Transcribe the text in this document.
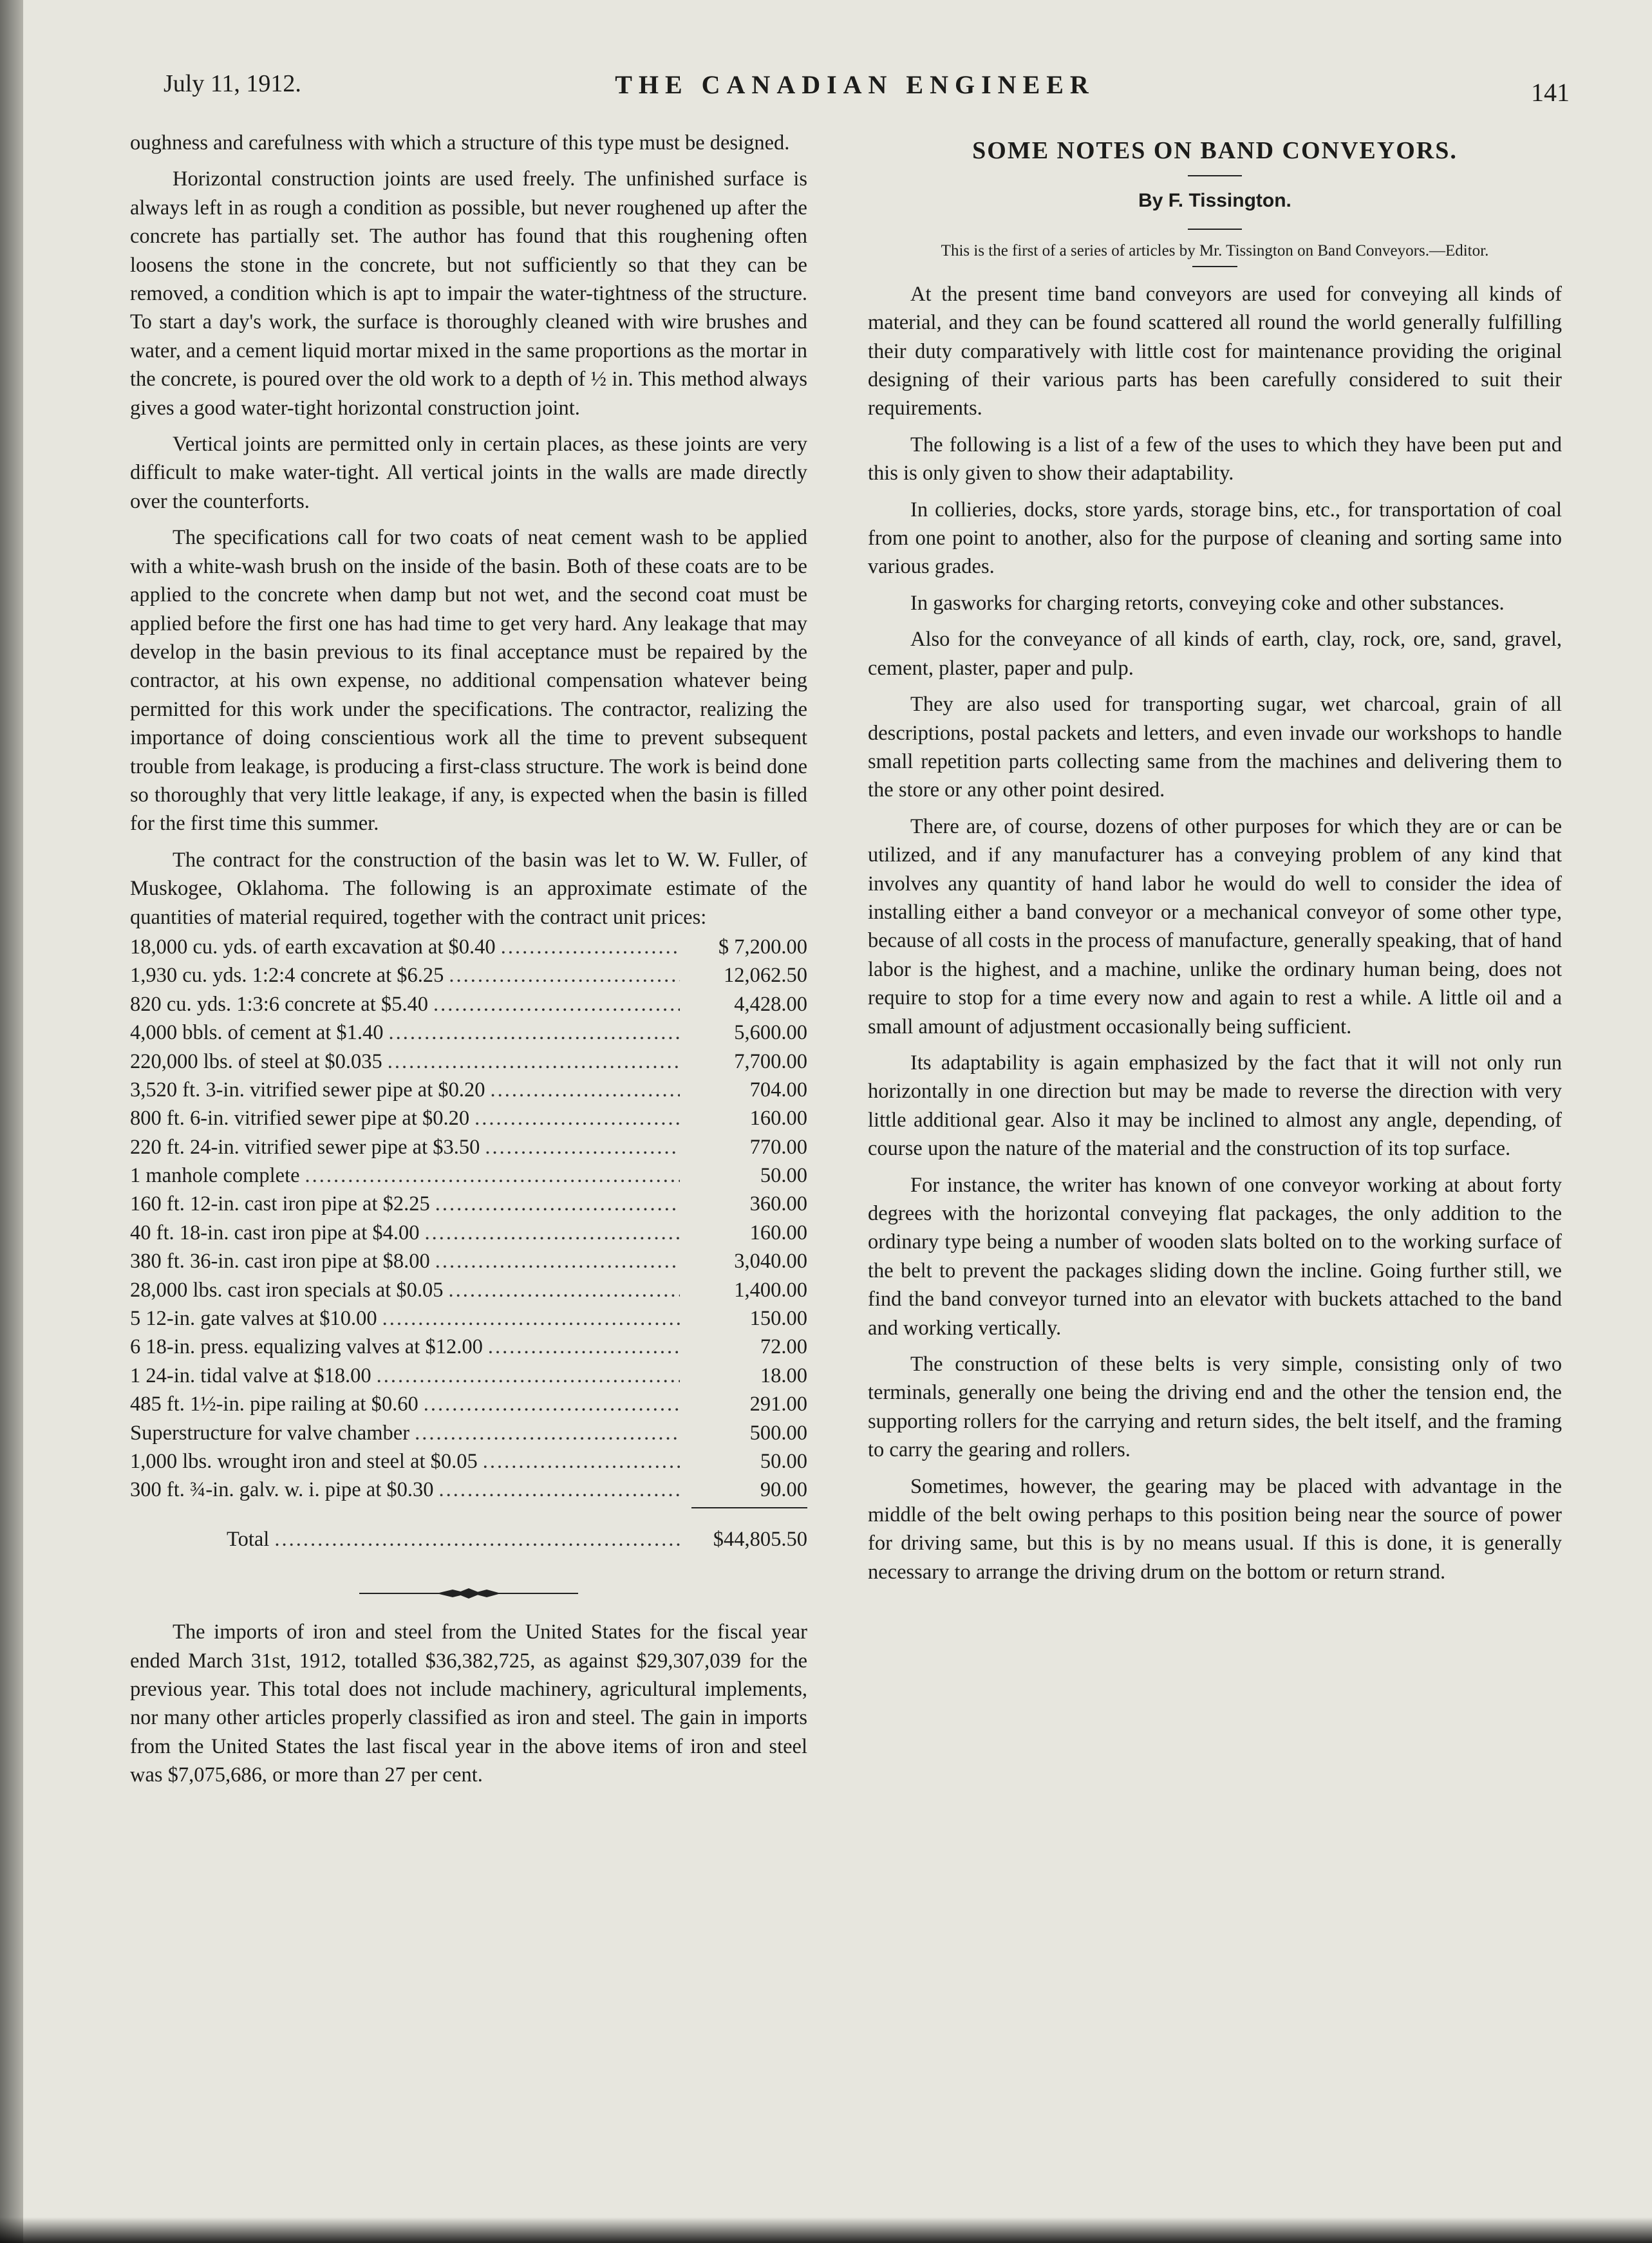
July 11, 1912.	THE CANADIAN ENGINEER	141

oughness and carefulness with which a structure of this type must be designed.

Horizontal construction joints are used freely. The unfinished surface is always left in as rough a condition as possible, but never roughened up after the concrete has partially set. The author has found that this roughening often loosens the stone in the concrete, but not sufficiently so that they can be removed, a condition which is apt to impair the water-tightness of the structure. To start a day's work, the surface is thoroughly cleaned with wire brushes and water, and a cement liquid mortar mixed in the same proportions as the mortar in the concrete, is poured over the old work to a depth of ½ in. This method always gives a good water-tight horizontal construction joint.

Vertical joints are permitted only in certain places, as these joints are very difficult to make water-tight. All vertical joints in the walls are made directly over the counterforts.

The specifications call for two coats of neat cement wash to be applied with a white-wash brush on the inside of the basin. Both of these coats are to be applied to the concrete when damp but not wet, and the second coat must be applied before the first one has had time to get very hard. Any leakage that may develop in the basin previous to its final acceptance must be repaired by the contractor, at his own expense, no additional compensation whatever being permitted for this work under the specifications. The contractor, realizing the importance of doing conscientious work all the time to prevent subsequent trouble from leakage, is producing a first-class structure. The work is beind done so thoroughly that very little leakage, if any, is expected when the basin is filled for the first time this summer.

The contract for the construction of the basin was let to W. W. Fuller, of Muskogee, Oklahoma. The following is an approximate estimate of the quantities of material required, together with the contract unit prices:

18,000 cu. yds. of earth excavation at $0.40 .....	$ 7,200.00
1,930 cu. yds. 1:2:4 concrete at $6.25 .....	12,062.50
820 cu. yds. 1:3:6 concrete at $5.40 .....	4,428.00
4,000 bbls. of cement at $1.40 .....	5,600.00
220,000 lbs. of steel at $0.035 .....	7,700.00
3,520 ft. 3-in. vitrified sewer pipe at $0.20 .....	704.00
800 ft. 6-in. vitrified sewer pipe at $0.20 .....	160.00
220 ft. 24-in. vitrified sewer pipe at $3.50 .....	770.00
1 manhole complete .....	50.00
160 ft. 12-in. cast iron pipe at $2.25 .....	360.00
40 ft. 18-in. cast iron pipe at $4.00 .....	160.00
380 ft. 36-in. cast iron pipe at $8.00 .....	3,040.00
28,000 lbs. cast iron specials at $0.05 .....	1,400.00
5 12-in. gate valves at $10.00 .....	150.00
6 18-in. press. equalizing valves at $12.00 .....	72.00
1 24-in. tidal valve at $18.00 .....	18.00
485 ft. 1½-in. pipe railing at $0.60 .....	291.00
Superstructure for valve chamber .....	500.00
1,000 lbs. wrought iron and steel at $0.05 .....	50.00
300 ft. ¾-in. galv. w. i. pipe at $0.30 .....	90.00
Total .....	$44,805.50

The imports of iron and steel from the United States for the fiscal year ended March 31st, 1912, totalled $36,382,725, as against $29,307,039 for the previous year. This total does not include machinery, agricultural implements, nor many other articles properly classified as iron and steel. The gain in imports from the United States the last fiscal year in the above items of iron and steel was $7,075,686, or more than 27 per cent.

SOME NOTES ON BAND CONVEYORS.
By F. Tissington.
This is the first of a series of articles by Mr. Tissington on Band Conveyors.—Editor.

At the present time band conveyors are used for conveying all kinds of material, and they can be found scattered all round the world generally fulfilling their duty comparatively with little cost for maintenance providing the original designing of their various parts has been carefully considered to suit their requirements.

The following is a list of a few of the uses to which they have been put and this is only given to show their adaptability.

In collieries, docks, store yards, storage bins, etc., for transportation of coal from one point to another, also for the purpose of cleaning and sorting same into various grades.

In gasworks for charging retorts, conveying coke and other substances.

Also for the conveyance of all kinds of earth, clay, rock, ore, sand, gravel, cement, plaster, paper and pulp.

They are also used for transporting sugar, wet charcoal, grain of all descriptions, postal packets and letters, and even invade our workshops to handle small repetition parts collecting same from the machines and delivering them to the store or any other point desired.

There are, of course, dozens of other purposes for which they are or can be utilized, and if any manufacturer has a conveying problem of any kind that involves any quantity of hand labor he would do well to consider the idea of installing either a band conveyor or a mechanical conveyor of some other type, because of all costs in the process of manufacture, generally speaking, that of hand labor is the highest, and a machine, unlike the ordinary human being, does not require to stop for a time every now and again to rest a while. A little oil and a small amount of adjustment occasionally being sufficient.

Its adaptability is again emphasized by the fact that it will not only run horizontally in one direction but may be made to reverse the direction with very little additional gear. Also it may be inclined to almost any angle, depending, of course upon the nature of the material and the construction of its top surface.

For instance, the writer has known of one conveyor working at about forty degrees with the horizontal conveying flat packages, the only addition to the ordinary type being a number of wooden slats bolted on to the working surface of the belt to prevent the packages sliding down the incline. Going further still, we find the band conveyor turned into an elevator with buckets attached to the band and working vertically.

The construction of these belts is very simple, consisting only of two terminals, generally one being the driving end and the other the tension end, the supporting rollers for the carrying and return sides, the belt itself, and the framing to carry the gearing and rollers.

Sometimes, however, the gearing may be placed with advantage in the middle of the belt owing perhaps to this position being near the source of power for driving same, but this is by no means usual. If this is done, it is generally necessary to arrange the driving drum on the bottom or return strand.
